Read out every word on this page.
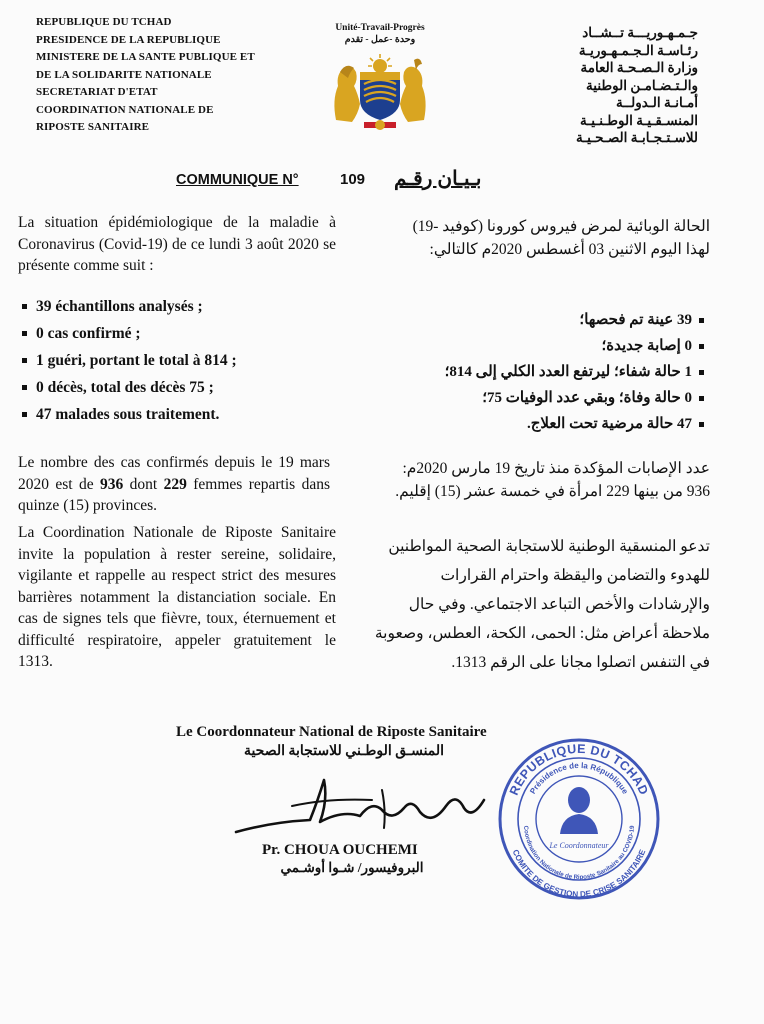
REPUBLIQUE DU TCHAD
PRESIDENCE DE LA REPUBLIQUE
MINISTERE DE LA SANTE PUBLIQUE ET
DE LA SOLIDARITE NATIONALE
SECRETARIAT D'ETAT
COORDINATION NATIONALE DE
RIPOSTE SANITAIRE
Unité-Travail-Progrès
وحدة -عمل - تقدم	جـمـهـوريـــة تــشــاد
رئـاسـة الـجـمـهـوريـة
وزارة الـصـحـة العامة
والـتـضـامـن الوطنية
أمـانـة الـدولــة
المنسـقـيـة الوطـنـيـة
للاسـتـجـابـة الصـحـيـة
COMMUNIQUE N°	109 بـيـان رقـم
La situation épidémiologique de la maladie à Coronavirus (Covid-19) de ce lundi 3 août 2020 se présente comme suit :
39 échantillons analysés ;
0 cas confirmé ;
1 guéri, portant le total à 814 ;
0 décès, total des décès 75 ;
47 malades sous traitement.
Le nombre des cas confirmés depuis le 19 mars 2020 est de 936 dont 229 femmes repartis dans quinze (15) provinces.
La Coordination Nationale de Riposte Sanitaire invite la population à rester sereine, solidaire, vigilante et rappelle au respect strict des mesures barrières notamment la distanciation sociale. En cas de signes tels que fièvre, toux, éternuement et difficulté respiratoire, appeler gratuitement le 1313.
الحالة الوبائية لمرض فيروس كورونا (كوفيد -19) لهذا اليوم الاثنين 03 أغسطس 2020م كالتالي:
39 عينة تم فحصها؛
0 إصابة جديدة؛
1 حالة شفاء؛ ليرتفع العدد الكلي إلى 814؛
0 حالة وفاة؛ وبقي عدد الوفيات 75؛
47 حالة مرضية تحت العلاج.
عدد الإصابات المؤكدة منذ تاريخ 19 مارس 2020م: 936 من بينها 229 امرأة في خمسة عشر (15) إقليم.
تدعو المنسقية الوطنية للاستجابة الصحية المواطنين للهدوء والتضامن واليقظة واحترام القرارات والإرشادات والأخص التباعد الاجتماعي. وفي حال ملاحظة أعراض مثل: الحمى، الكحة، العطس، وصعوبة في التنفس اتصلوا مجانا على الرقم 1313.
Le Coordonnateur National de Riposte Sanitaire
المنسـق الوطـني للاستجابة الصحية
Pr. CHOUA OUCHEMI
البروفيسور/ شـوا أوشـمي
REPUBLIQUE DU TCHAD
COMITE DE GESTION DE CRISE SANITAIRE
Présidence de la République
Coordination Nationale de Riposte Sanitaire au COVID-19
Le Coordonnateur
